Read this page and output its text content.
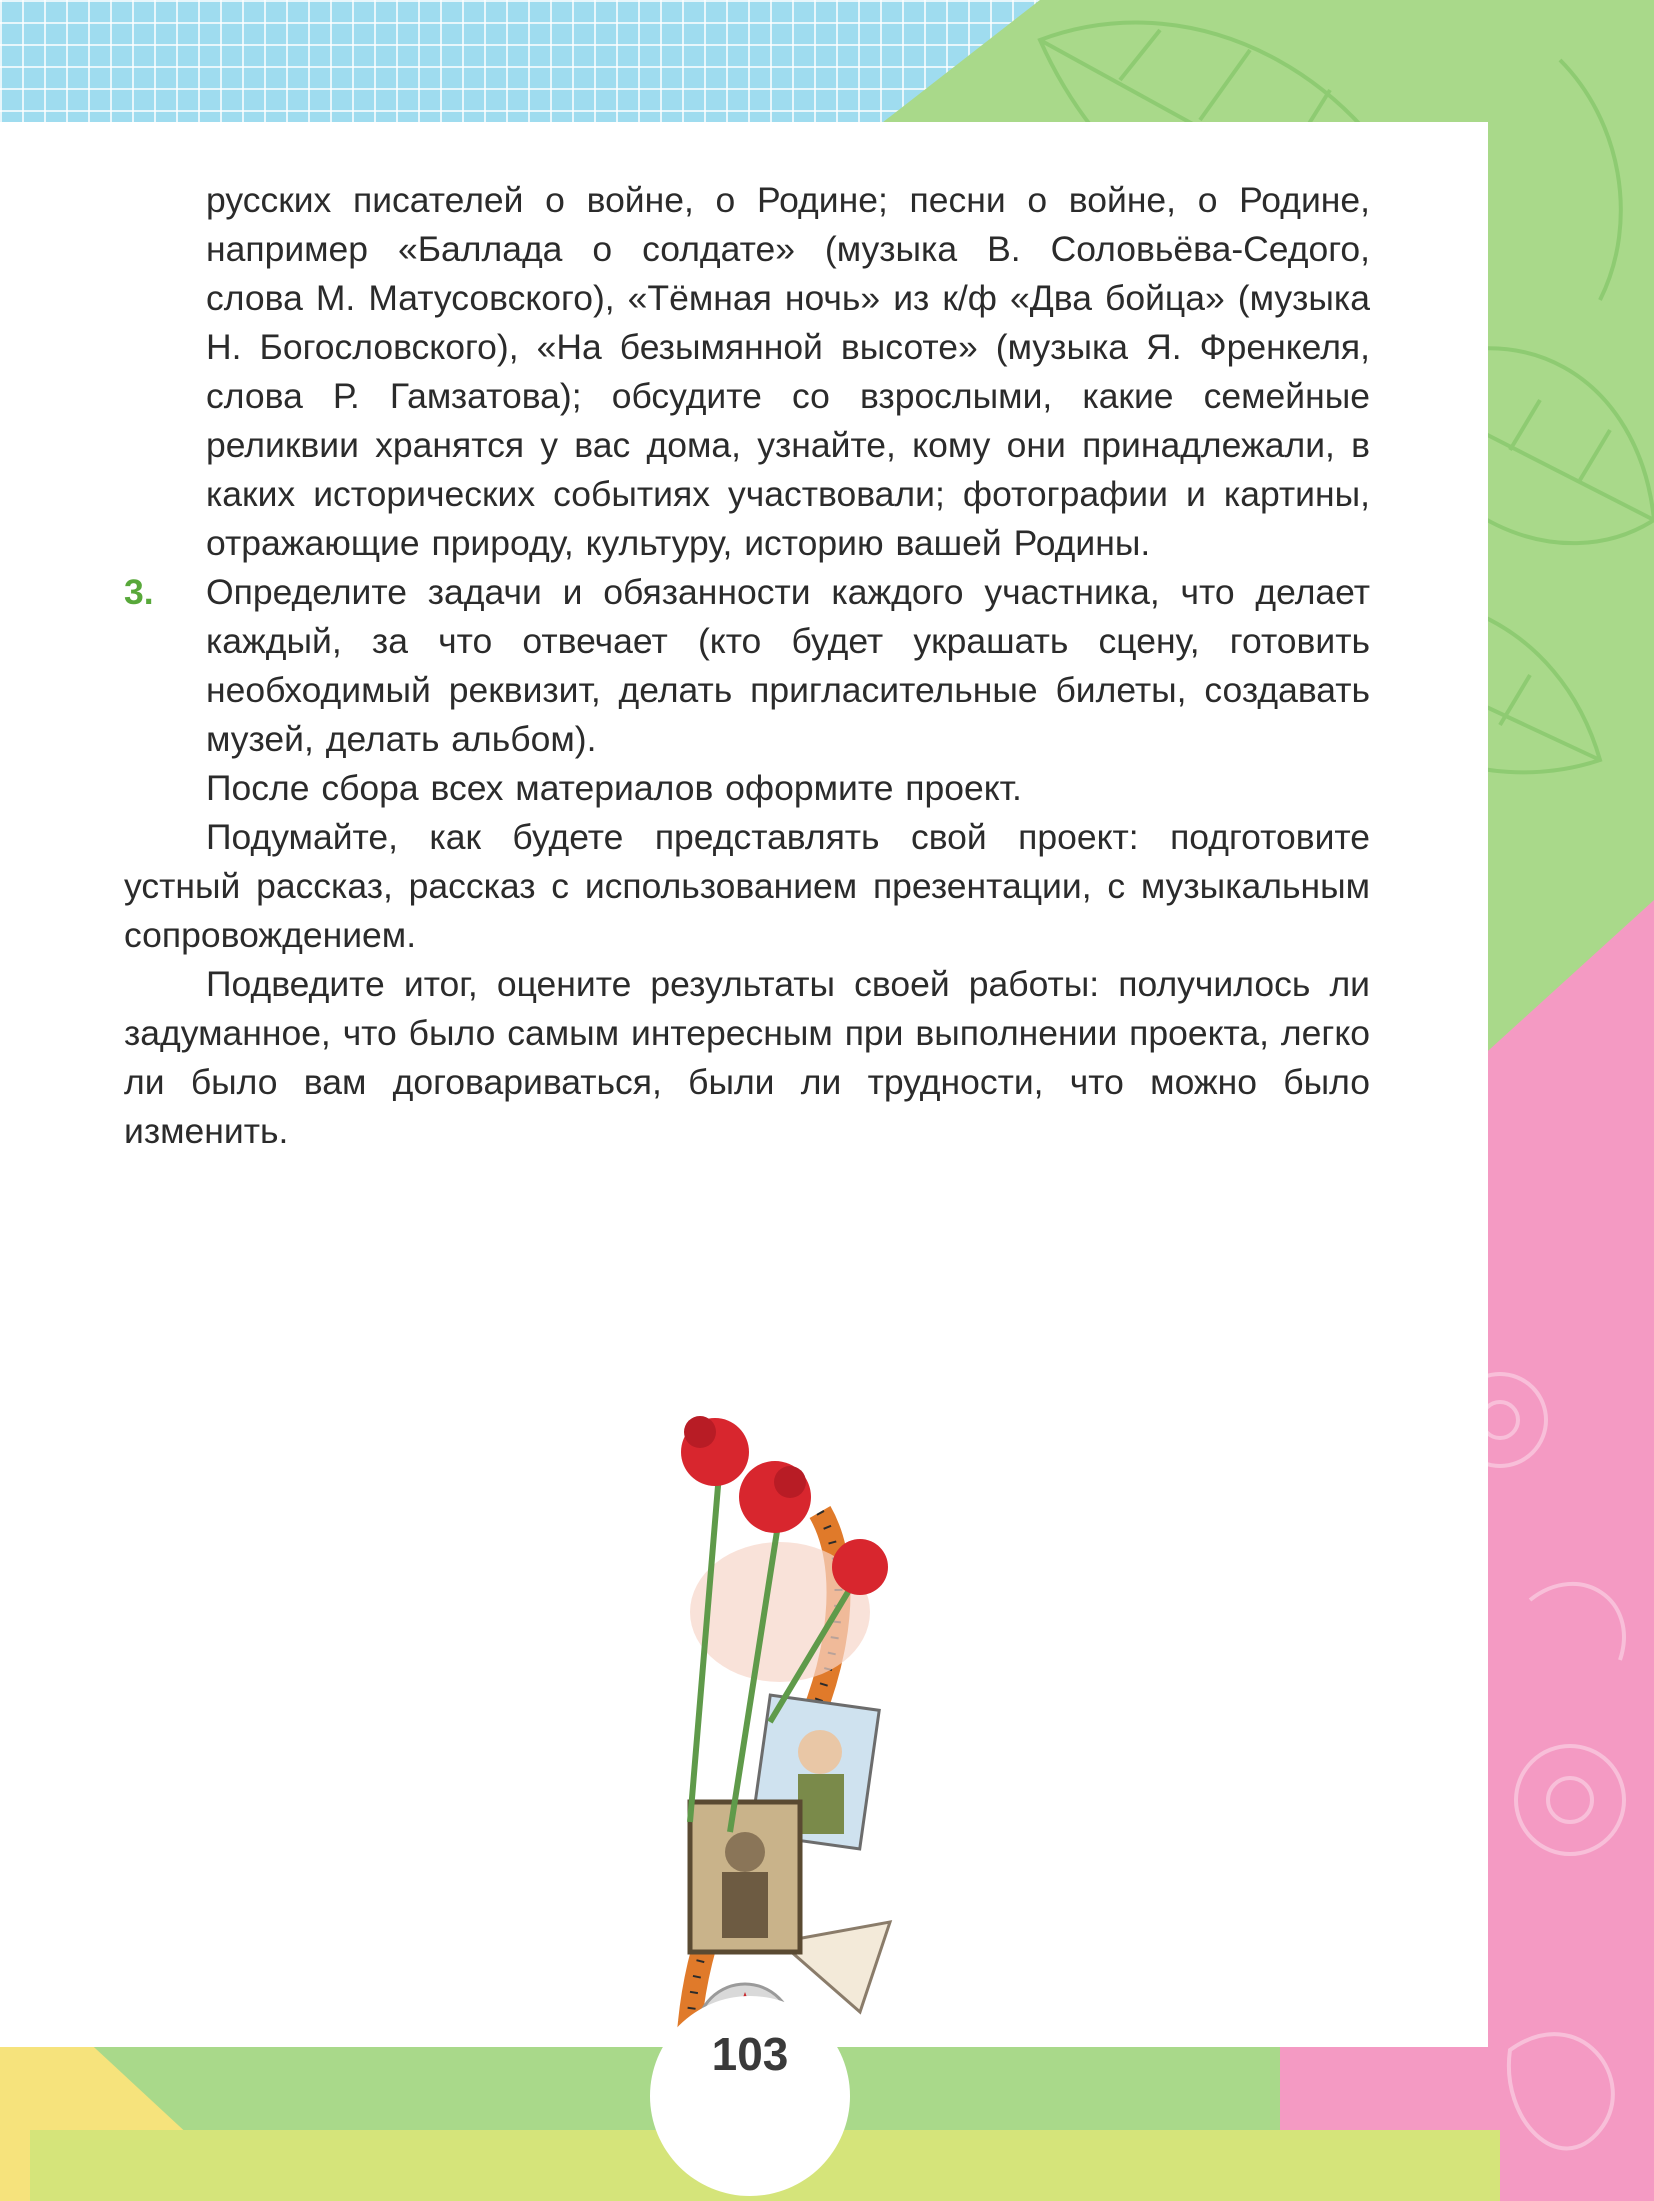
русских писателей о войне, о Родине; песни о войне, о Родине, например «Баллада о солдате» (музыка В. Соловьёва-Седого, слова М. Матусовского), «Тёмная ночь» из к/ф «Два бойца» (музыка Н. Богословского), «На безымянной высоте» (музыка Я. Френкеля, слова Р. Гамзатова); обсудите со взрослыми, какие семейные реликвии хранятся у вас дома, узнайте, кому они принадлежали, в каких исторических событиях участвовали; фотографии и картины, отражающие природу, культуру, историю вашей Родины.

3. Определите задачи и обязанности каждого участника, что делает каждый, за что отвечает (кто будет украшать сцену, готовить необходимый реквизит, делать пригласительные билеты, создавать музей, делать альбом).

После сбора всех материалов оформите проект.

Подумайте, как будете представлять свой проект: подготовите устный рассказ, рассказ с использованием презентации, с музыкальным сопровождением.

Подведите итог, оцените результаты своей работы: получилось ли задуманное, что было самым интересным при выполнении проекта, легко ли было вам договариваться, были ли трудности, что можно было изменить.

103
